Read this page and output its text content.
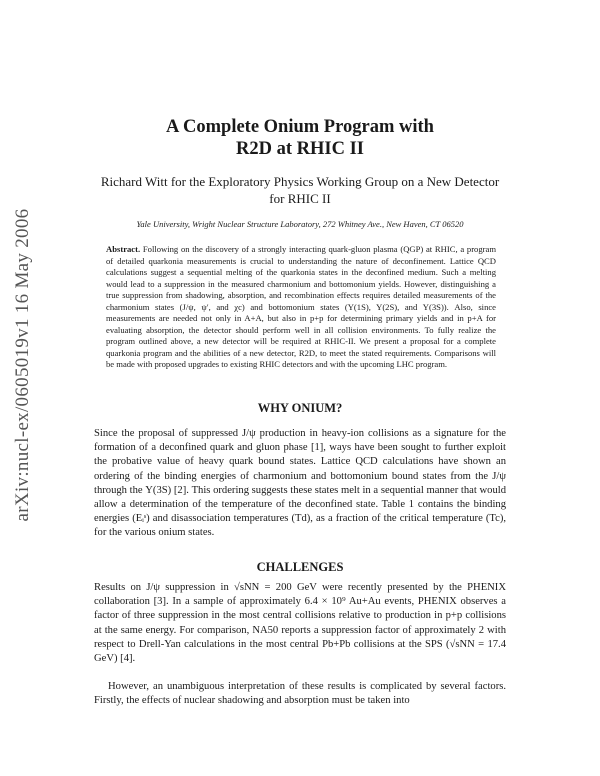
arXiv:nucl-ex/0605019v1 16 May 2006
A Complete Onium Program with
R2D at RHIC II
Richard Witt for the Exploratory Physics Working Group on a New Detector for RHIC II
Yale University, Wright Nuclear Structure Laboratory, 272 Whitney Ave., New Haven, CT 06520
Abstract. Following on the discovery of a strongly interacting quark-gluon plasma (QGP) at RHIC, a program of detailed quarkonia measurements is crucial to understanding the nature of deconfinement. Lattice QCD calculations suggest a sequential melting of the quarkonia states in the deconfined medium. Such a melting would lead to a suppression in the measured charmonium and bottomonium yields. However, distinguishing a true suppression from shadowing, absorption, and recombination effects requires detailed measurements of the charmonium states (J/ψ, ψ′, and χc) and bottomonium states (Υ(1S), Υ(2S), and Υ(3S)). Also, since measurements are needed not only in A+A, but also in p+p for determining primary yields and in p+A for evaluating absorption, the detector should perform well in all collision environments. To fully realize the program outlined above, a new detector will be required at RHIC-II. We present a proposal for a complete quarkonia program and the abilities of a new detector, R2D, to meet the stated requirements. Comparisons will be made with proposed upgrades to existing RHIC detectors and with the upcoming LHC program.
WHY ONIUM?
Since the proposal of suppressed J/ψ production in heavy-ion collisions as a signature for the formation of a deconfined quark and gluon phase [1], ways have been sought to further exploit the probative value of heavy quark bound states. Lattice QCD calculations have shown an ordering of the binding energies of charmonium and bottomonium bound states from the J/ψ through the Υ(3S) [2]. This ordering suggests these states melt in a sequential manner that would allow a determination of the temperature of the deconfined state. Table 1 contains the binding energies (Eᵢˢ) and disassociation temperatures (Td), as a fraction of the critical temperature (Tc), for the various onium states.
CHALLENGES
Results on J/ψ suppression in √sNN = 200 GeV were recently presented by the PHENIX collaboration [3]. In a sample of approximately 6.4 × 10⁹ Au+Au events, PHENIX observes a factor of three suppression in the most central collisions relative to production in p+p collisions at the same energy. For comparison, NA50 reports a suppression factor of approximately 2 with respect to Drell-Yan calculations in the most central Pb+Pb collisions at the SPS (√sNN = 17.4 GeV) [4].
However, an unambiguous interpretation of these results is complicated by several factors. Firstly, the effects of nuclear shadowing and absorption must be taken into
